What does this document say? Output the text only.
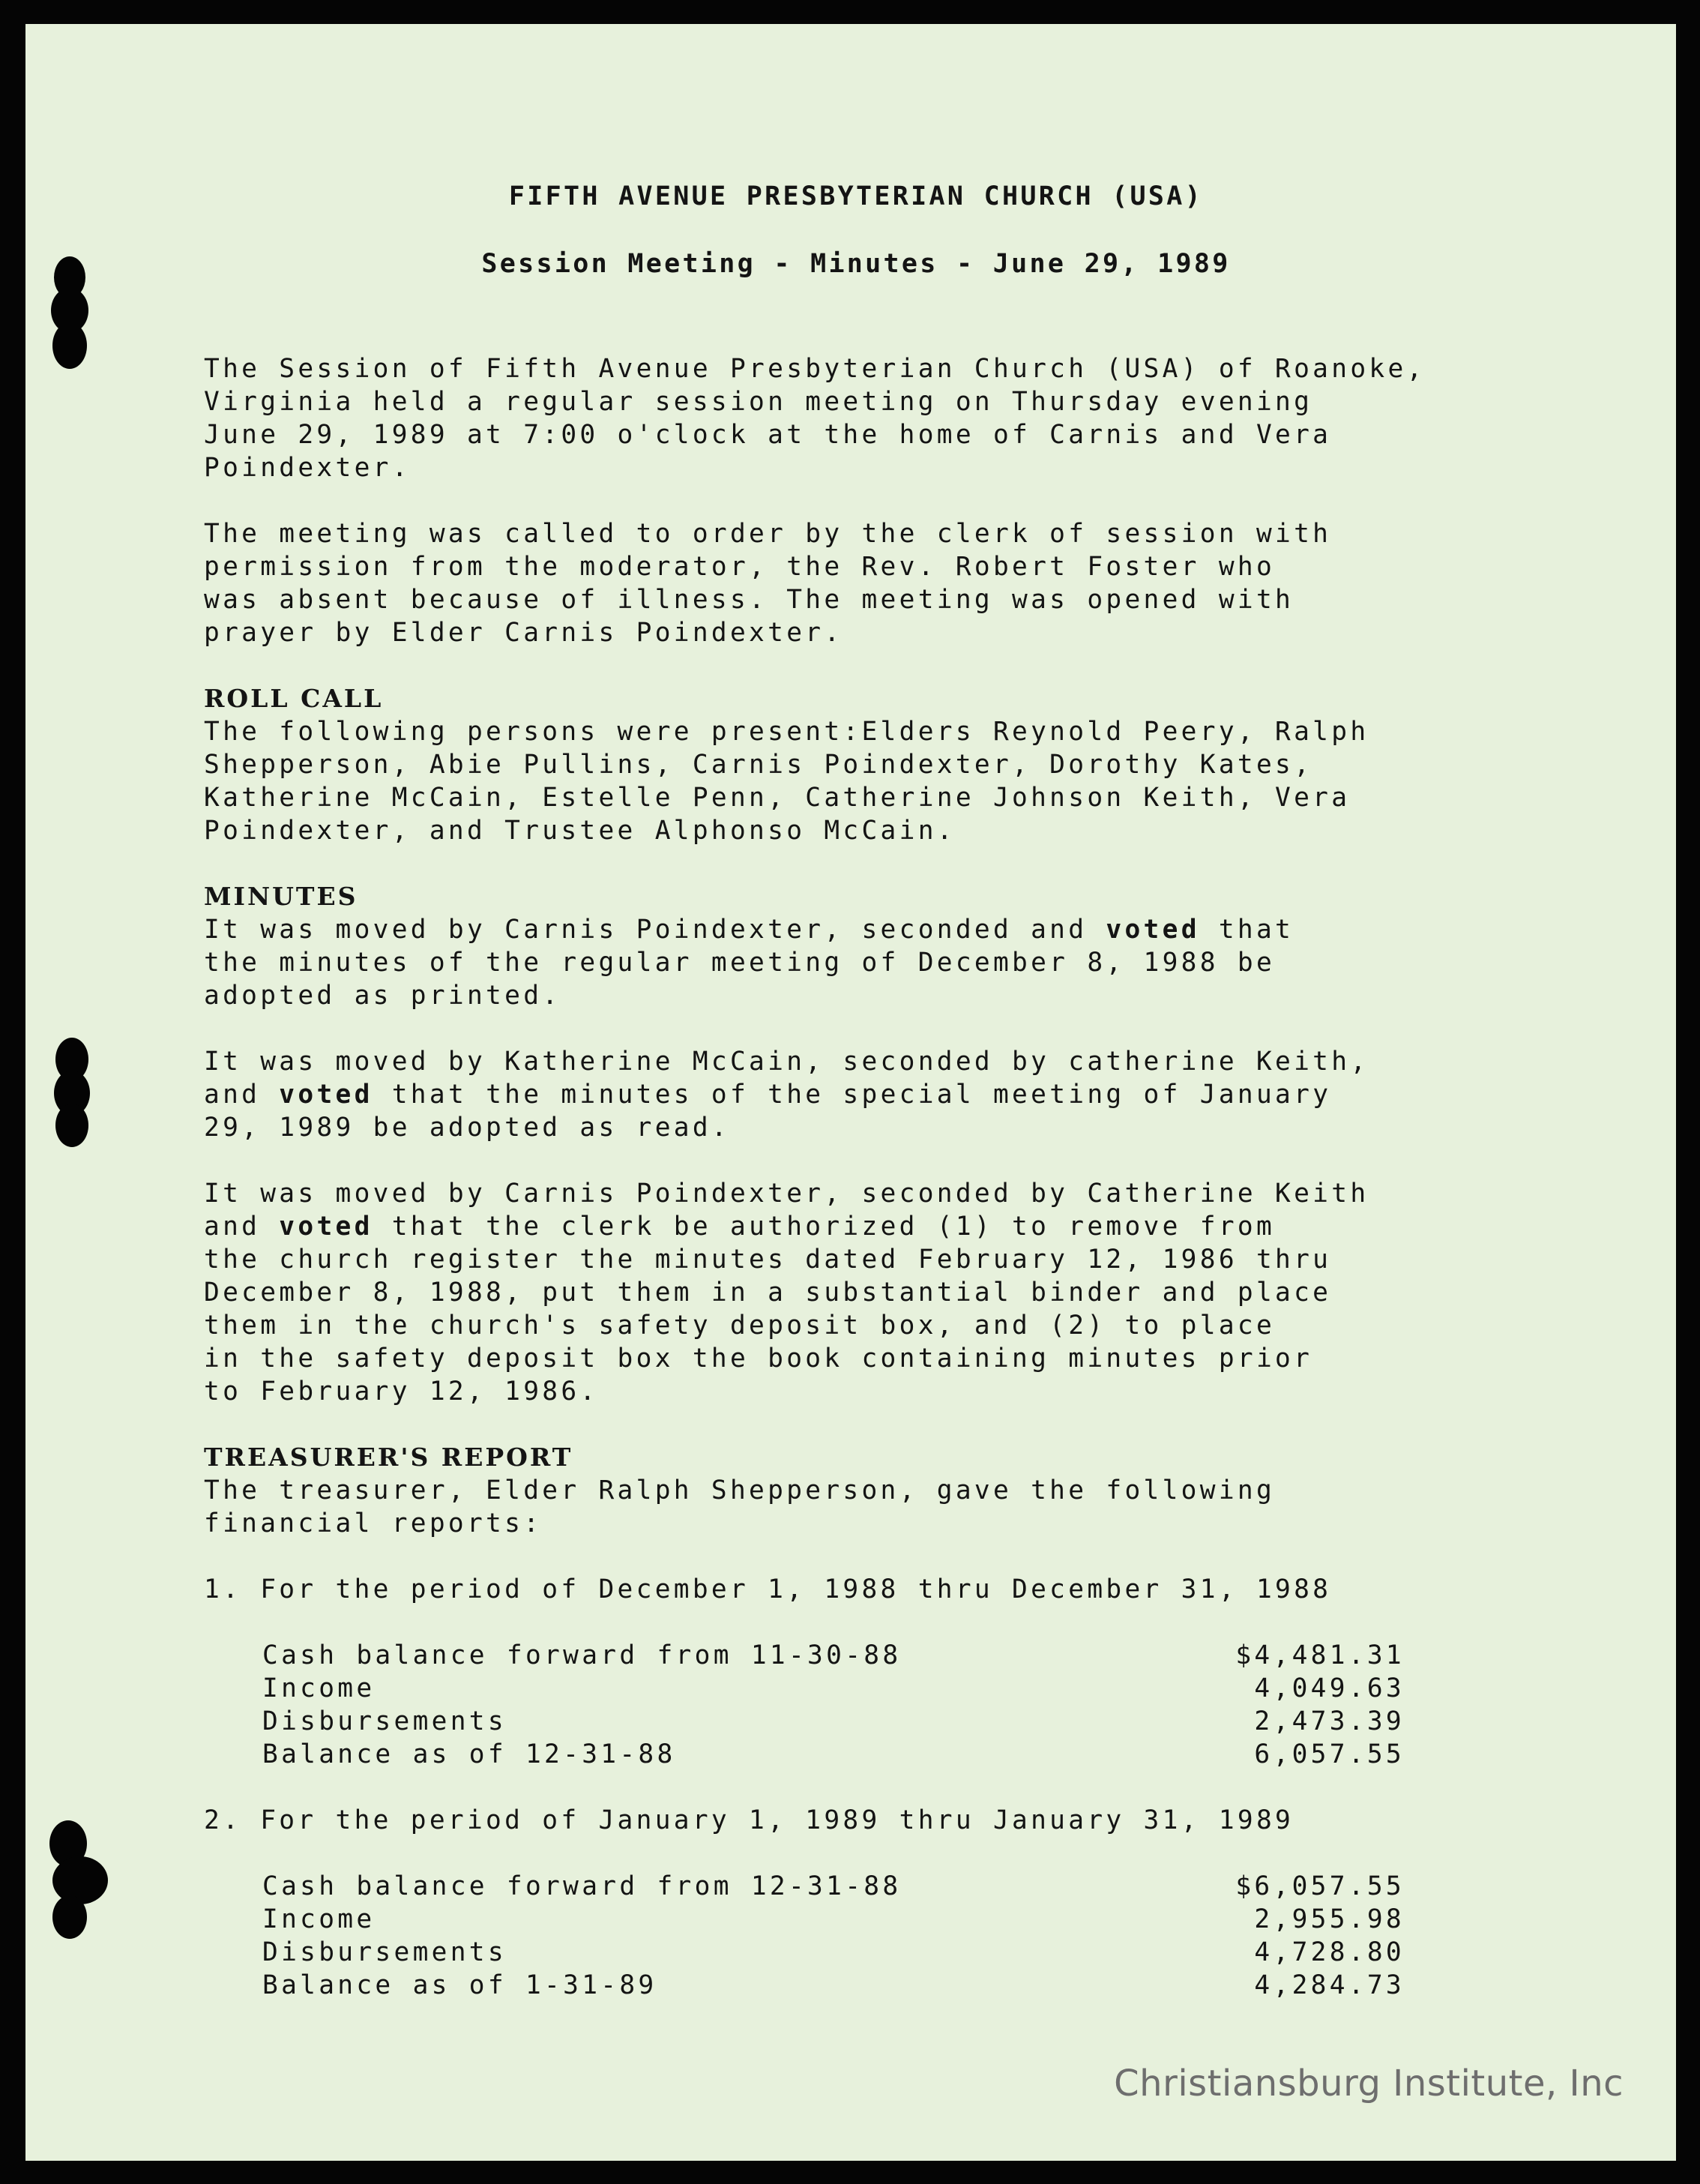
FIFTH AVENUE PRESBYTERIAN CHURCH (USA)
Session Meeting - Minutes - June 29, 1989

The Session of Fifth Avenue Presbyterian Church (USA) of Roanoke,
Virginia held a regular session meeting on Thursday evening
June 29, 1989 at 7:00 o'clock at the home of Carnis and Vera
Poindexter.

The meeting was called to order by the clerk of session with
permission from the moderator, the Rev. Robert Foster who
was absent because of illness. The meeting was opened with
prayer by Elder Carnis Poindexter.

ROLL CALL

The following persons were present:Elders Reynold Peery, Ralph
Shepperson, Abie Pullins, Carnis Poindexter, Dorothy Kates,
Katherine McCain, Estelle Penn, Catherine Johnson Keith, Vera
Poindexter, and Trustee Alphonso McCain.

MINUTES

It was moved by Carnis Poindexter, seconded and voted that
the minutes of the regular meeting of December 8, 1988 be
adopted as printed.

It was moved by Katherine McCain, seconded by catherine Keith,
and voted that the minutes of the special meeting of January
29, 1989 be adopted as read.

It was moved by Carnis Poindexter, seconded by Catherine Keith
and voted that the clerk be authorized (1) to remove from
the church register the minutes dated February 12, 1986 thru
December 8, 1988, put them in a substantial binder and place
them in the church's safety deposit box, and (2) to place
in the safety deposit box the book containing minutes prior
to February 12, 1986.

TREASURER'S REPORT

The treasurer, Elder Ralph Shepperson, gave the following
financial reports:

1. For the period of December 1, 1988 thru December 31, 1988

Cash balance forward from 11-30-88	$4,481.31
Income	4,049.63
Disbursements	2,473.39
Balance as of 12-31-88	6,057.55

2. For the period of January 1, 1989 thru January 31, 1989

Cash balance forward from 12-31-88	$6,057.55
Income	2,955.98
Disbursements	4,728.80
Balance as of 1-31-89	4,284.73
Christiansburg Institute, Inc
